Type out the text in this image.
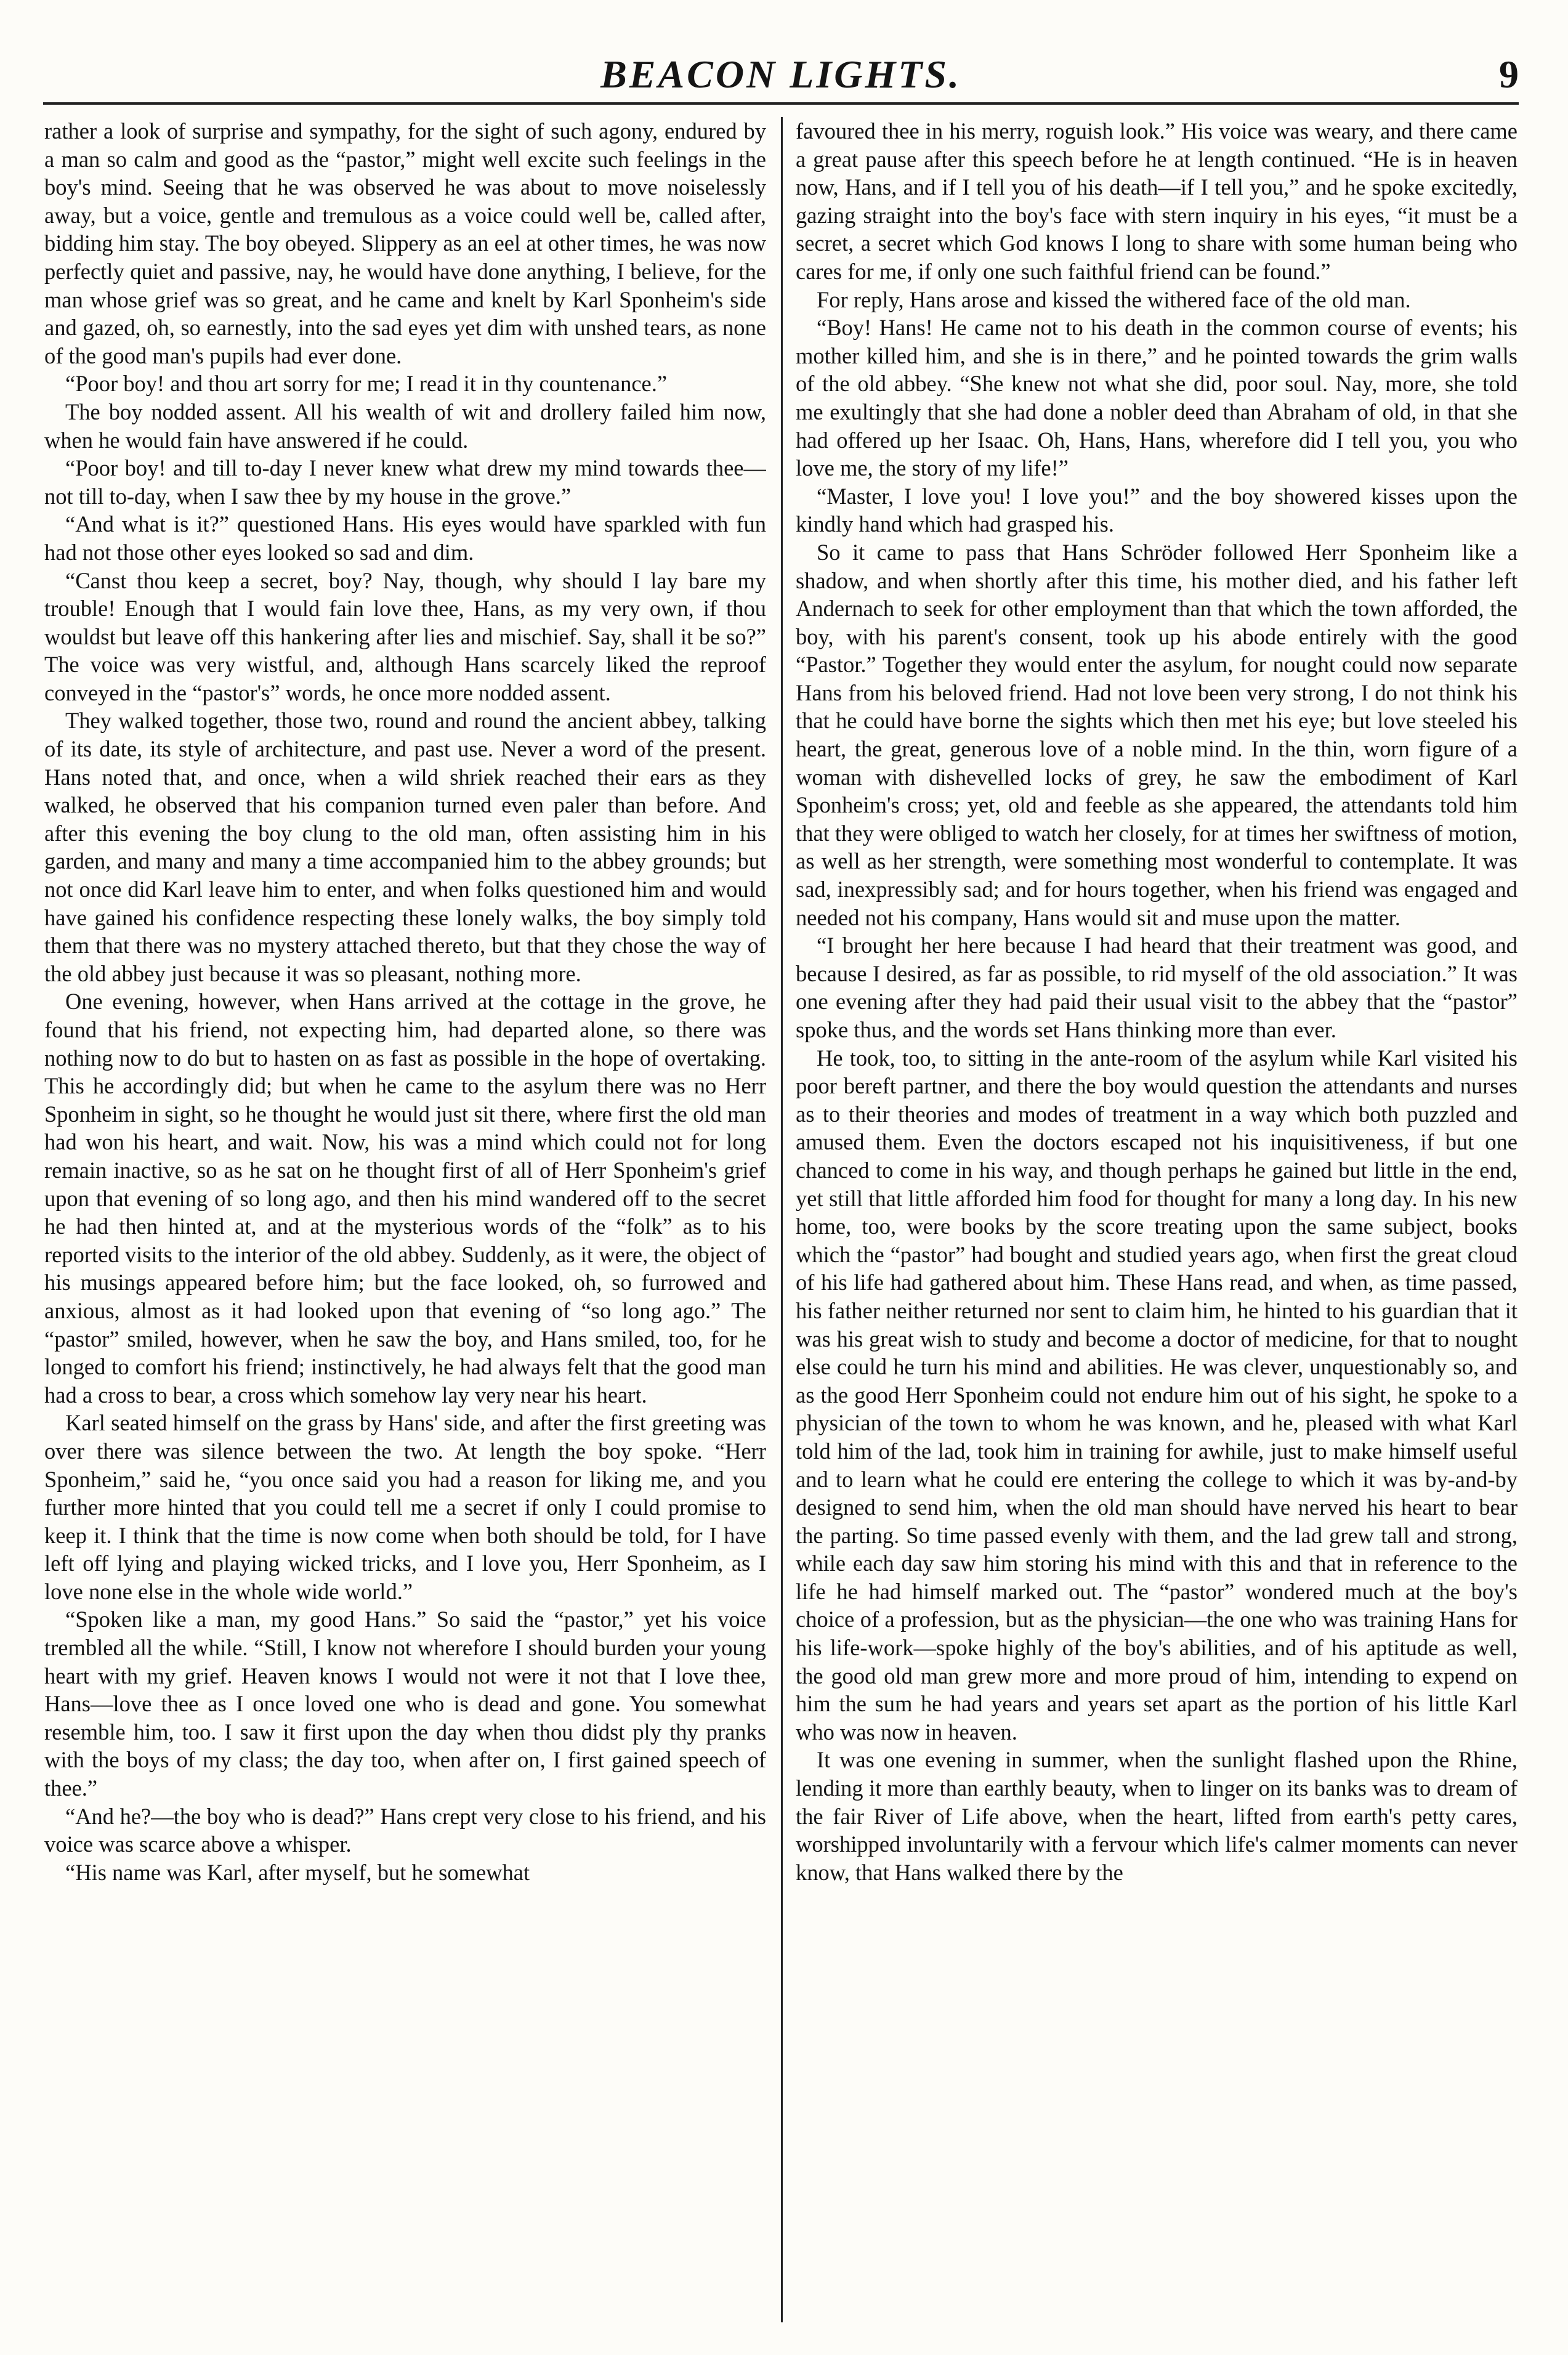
BEACON LIGHTS.	9

rather a look of surprise and sympathy, for the sight of such agony, endured by a man so calm and good as the “pastor,” might well excite such feelings in the boy's mind. Seeing that he was observed he was about to move noiselessly away, but a voice, gentle and tremulous as a voice could well be, called after, bidding him stay. The boy obeyed. Slippery as an eel at other times, he was now perfectly quiet and passive, nay, he would have done anything, I believe, for the man whose grief was so great, and he came and knelt by Karl Sponheim's side and gazed, oh, so earnestly, into the sad eyes yet dim with unshed tears, as none of the good man's pupils had ever done.

“Poor boy! and thou art sorry for me; I read it in thy countenance.”

The boy nodded assent. All his wealth of wit and drollery failed him now, when he would fain have answered if he could.

“Poor boy! and till to-day I never knew what drew my mind towards thee—not till to-day, when I saw thee by my house in the grove.”

“And what is it?” questioned Hans. His eyes would have sparkled with fun had not those other eyes looked so sad and dim.

“Canst thou keep a secret, boy? Nay, though, why should I lay bare my trouble! Enough that I would fain love thee, Hans, as my very own, if thou wouldst but leave off this hankering after lies and mischief. Say, shall it be so?” The voice was very wistful, and, although Hans scarcely liked the reproof conveyed in the “pastor's” words, he once more nodded assent.

They walked together, those two, round and round the ancient abbey, talking of its date, its style of architecture, and past use. Never a word of the present. Hans noted that, and once, when a wild shriek reached their ears as they walked, he observed that his companion turned even paler than before. And after this evening the boy clung to the old man, often assisting him in his garden, and many and many a time accompanied him to the abbey grounds; but not once did Karl leave him to enter, and when folks questioned him and would have gained his confidence respecting these lonely walks, the boy simply told them that there was no mystery attached thereto, but that they chose the way of the old abbey just because it was so pleasant, nothing more.

One evening, however, when Hans arrived at the cottage in the grove, he found that his friend, not expecting him, had departed alone, so there was nothing now to do but to hasten on as fast as possible in the hope of overtaking. This he accordingly did; but when he came to the asylum there was no Herr Sponheim in sight, so he thought he would just sit there, where first the old man had won his heart, and wait. Now, his was a mind which could not for long remain inactive, so as he sat on he thought first of all of Herr Sponheim's grief upon that evening of so long ago, and then his mind wandered off to the secret he had then hinted at, and at the mysterious words of the “folk” as to his reported visits to the interior of the old abbey. Suddenly, as it were, the object of his musings appeared before him; but the face looked, oh, so furrowed and anxious, almost as it had looked upon that evening of “so long ago.” The “pastor” smiled, however, when he saw the boy, and Hans smiled, too, for he longed to comfort his friend; instinctively, he had always felt that the good man had a cross to bear, a cross which somehow lay very near his heart.

Karl seated himself on the grass by Hans' side, and after the first greeting was over there was silence between the two. At length the boy spoke. “Herr Sponheim,” said he, “you once said you had a reason for liking me, and you further more hinted that you could tell me a secret if only I could promise to keep it. I think that the time is now come when both should be told, for I have left off lying and playing wicked tricks, and I love you, Herr Sponheim, as I love none else in the whole wide world.”

“Spoken like a man, my good Hans.” So said the “pastor,” yet his voice trembled all the while. “Still, I know not wherefore I should burden your young heart with my grief. Heaven knows I would not were it not that I love thee, Hans—love thee as I once loved one who is dead and gone. You somewhat resemble him, too. I saw it first upon the day when thou didst ply thy pranks with the boys of my class; the day too, when after on, I first gained speech of thee.”

“And he?—the boy who is dead?” Hans crept very close to his friend, and his voice was scarce above a whisper.

“His name was Karl, after myself, but he somewhat

favoured thee in his merry, roguish look.” His voice was weary, and there came a great pause after this speech before he at length continued. “He is in heaven now, Hans, and if I tell you of his death—if I tell you,” and he spoke excitedly, gazing straight into the boy's face with stern inquiry in his eyes, “it must be a secret, a secret which God knows I long to share with some human being who cares for me, if only one such faithful friend can be found.”

For reply, Hans arose and kissed the withered face of the old man.

“Boy! Hans! He came not to his death in the common course of events; his mother killed him, and she is in there,” and he pointed towards the grim walls of the old abbey. “She knew not what she did, poor soul. Nay, more, she told me exultingly that she had done a nobler deed than Abraham of old, in that she had offered up her Isaac. Oh, Hans, Hans, wherefore did I tell you, you who love me, the story of my life!”

“Master, I love you! I love you!” and the boy showered kisses upon the kindly hand which had grasped his.

So it came to pass that Hans Schröder followed Herr Sponheim like a shadow, and when shortly after this time, his mother died, and his father left Andernach to seek for other employment than that which the town afforded, the boy, with his parent's consent, took up his abode entirely with the good “Pastor.” Together they would enter the asylum, for nought could now separate Hans from his beloved friend. Had not love been very strong, I do not think his that he could have borne the sights which then met his eye; but love steeled his heart, the great, generous love of a noble mind. In the thin, worn figure of a woman with dishevelled locks of grey, he saw the embodiment of Karl Sponheim's cross; yet, old and feeble as she appeared, the attendants told him that they were obliged to watch her closely, for at times her swiftness of motion, as well as her strength, were something most wonderful to contemplate. It was sad, inexpressibly sad; and for hours together, when his friend was engaged and needed not his company, Hans would sit and muse upon the matter.

“I brought her here because I had heard that their treatment was good, and because I desired, as far as possible, to rid myself of the old association.” It was one evening after they had paid their usual visit to the abbey that the “pastor” spoke thus, and the words set Hans thinking more than ever.

He took, too, to sitting in the ante-room of the asylum while Karl visited his poor bereft partner, and there the boy would question the attendants and nurses as to their theories and modes of treatment in a way which both puzzled and amused them. Even the doctors escaped not his inquisitiveness, if but one chanced to come in his way, and though perhaps he gained but little in the end, yet still that little afforded him food for thought for many a long day. In his new home, too, were books by the score treating upon the same subject, books which the “pastor” had bought and studied years ago, when first the great cloud of his life had gathered about him. These Hans read, and when, as time passed, his father neither returned nor sent to claim him, he hinted to his guardian that it was his great wish to study and become a doctor of medicine, for that to nought else could he turn his mind and abilities. He was clever, unquestionably so, and as the good Herr Sponheim could not endure him out of his sight, he spoke to a physician of the town to whom he was known, and he, pleased with what Karl told him of the lad, took him in training for awhile, just to make himself useful and to learn what he could ere entering the college to which it was by-and-by designed to send him, when the old man should have nerved his heart to bear the parting. So time passed evenly with them, and the lad grew tall and strong, while each day saw him storing his mind with this and that in reference to the life he had himself marked out. The “pastor” wondered much at the boy's choice of a profession, but as the physician—the one who was training Hans for his life-work—spoke highly of the boy's abilities, and of his aptitude as well, the good old man grew more and more proud of him, intending to expend on him the sum he had years and years set apart as the portion of his little Karl who was now in heaven.

It was one evening in summer, when the sunlight flashed upon the Rhine, lending it more than earthly beauty, when to linger on its banks was to dream of the fair River of Life above, when the heart, lifted from earth's petty cares, worshipped involuntarily with a fervour which life's calmer moments can never know, that Hans walked there by the
